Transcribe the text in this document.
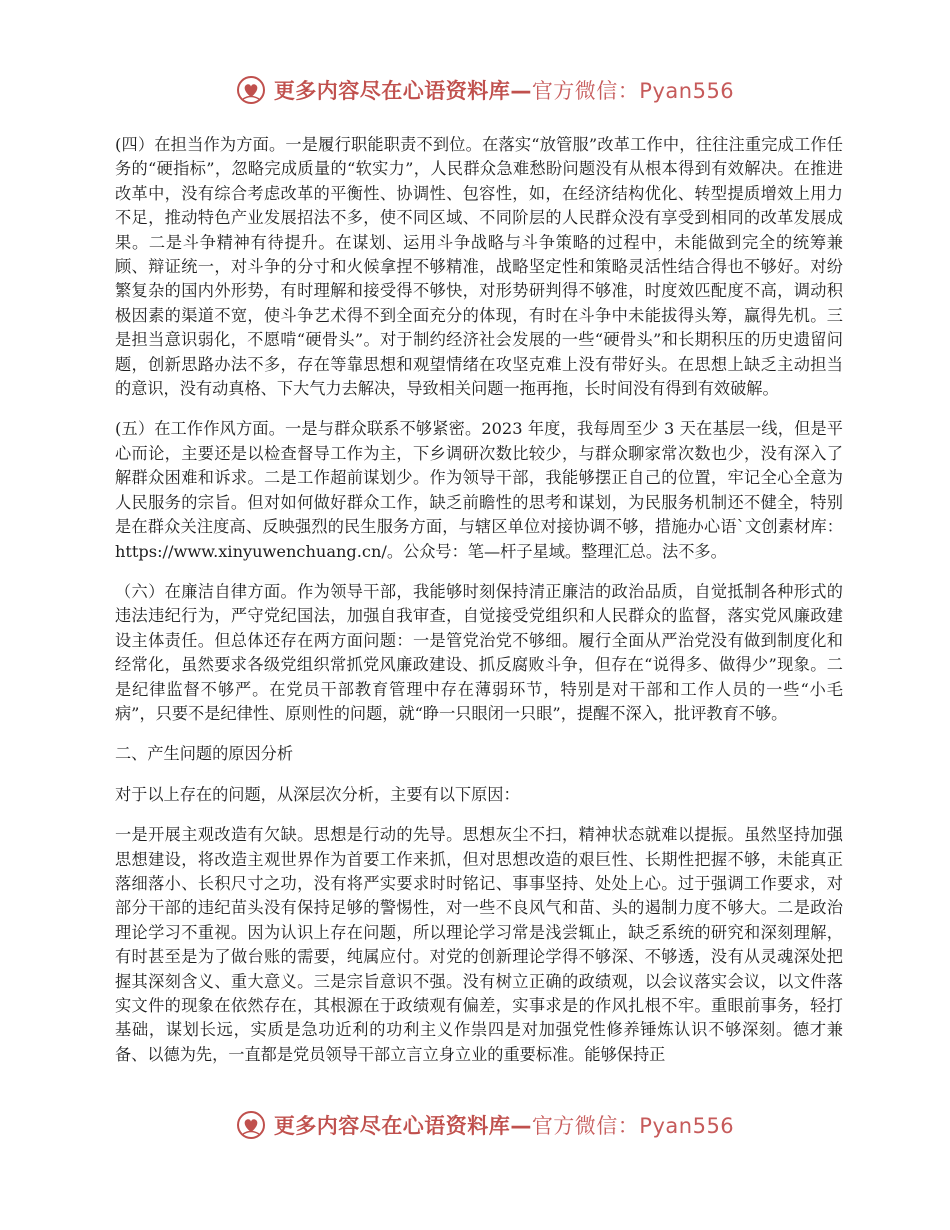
更多内容尽在心语资料库—官方微信：Pyan556

(四）在担当作为方面。一是履行职能职责不到位。在落实“放管服”改革工作中，往往注重完成工作任务的“硬指标”，忽略完成质量的“软实力”，人民群众急难愁盼问题没有从根本得到有效解决。在推进改革中，没有综合考虑改革的平衡性、协调性、包容性，如，在经济结构优化、转型提质增效上用力不足，推动特色产业发展招法不多，使不同区域、不同阶层的人民群众没有享受到相同的改革发展成果。二是斗争精神有待提升。在谋划、运用斗争战略与斗争策略的过程中，未能做到完全的统筹兼顾、辩证统一，对斗争的分寸和火候拿捏不够精准，战略坚定性和策略灵活性结合得也不够好。对纷繁复杂的国内外形势，有时理解和接受得不够快，对形势研判得不够准，时度效匹配度不高，调动积极因素的渠道不宽，使斗争艺术得不到全面充分的体现，有时在斗争中未能拔得头筹，赢得先机。三是担当意识弱化，不愿啃“硬骨头”。对于制约经济社会发展的一些“硬骨头”和长期积压的历史遗留问题，创新思路办法不多，存在等靠思想和观望情绪在攻坚克难上没有带好头。在思想上缺乏主动担当的意识，没有动真格、下大气力去解决，导致相关问题一拖再拖，长时间没有得到有效破解。

(五）在工作作风方面。一是与群众联系不够紧密。2023 年度，我每周至少 3 天在基层一线，但是平心而论，主要还是以检查督导工作为主，下乡调研次数比较少，与群众聊家常次数也少，没有深入了解群众困难和诉求。二是工作超前谋划少。作为领导干部，我能够摆正自己的位置，牢记全心全意为人民服务的宗旨。但对如何做好群众工作，缺乏前瞻性的思考和谋划，为民服务机制还不健全，特别是在群众关注度高、反映强烈的民生服务方面，与辖区单位对接协调不够，措施办心语`文创素材库：https://www.xinyuwenchuang.cn/。公众号：笔—杆子星域。整理汇总。法不多。

（六）在廉洁自律方面。作为领导干部，我能够时刻保持清正廉洁的政治品质，自觉抵制各种形式的违法违纪行为，严守党纪国法，加强自我审查，自觉接受党组织和人民群众的监督，落实党风廉政建设主体责任。但总体还存在两方面问题：一是管党治党不够细。履行全面从严治党没有做到制度化和经常化，虽然要求各级党组织常抓党风廉政建设、抓反腐败斗争，但存在“说得多、做得少”现象。二是纪律监督不够严。在党员干部教育管理中存在薄弱环节，特别是对干部和工作人员的一些“小毛病”，只要不是纪律性、原则性的问题，就“睁一只眼闭一只眼”，提醒不深入，批评教育不够。

二、产生问题的原因分析

对于以上存在的问题，从深层次分析，主要有以下原因：

一是开展主观改造有欠缺。思想是行动的先导。思想灰尘不扫，精神状态就难以提振。虽然坚持加强思想建设，将改造主观世界作为首要工作来抓，但对思想改造的艰巨性、长期性把握不够，未能真正落细落小、长积尺寸之功，没有将严实要求时时铭记、事事坚持、处处上心。过于强调工作要求，对部分干部的违纪苗头没有保持足够的警惕性，对一些不良风气和苗、头的遏制力度不够大。二是政治理论学习不重视。因为认识上存在问题，所以理论学习常是浅尝辄止，缺乏系统的研究和深刻理解，有时甚至是为了做台账的需要，纯属应付。对党的创新理论学得不够深、不够透，没有从灵魂深处把握其深刻含义、重大意义。三是宗旨意识不强。没有树立正确的政绩观，以会议落实会议，以文件落实文件的现象在依然存在，其根源在于政绩观有偏差，实事求是的作风扎根不牢。重眼前事务，轻打基础，谋划长远，实质是急功近利的功利主义作祟四是对加强党性修养锤炼认识不够深刻。德才兼备、以德为先，一直都是党员领导干部立言立身立业的重要标准。能够保持正

更多内容尽在心语资料库—官方微信：Pyan556
